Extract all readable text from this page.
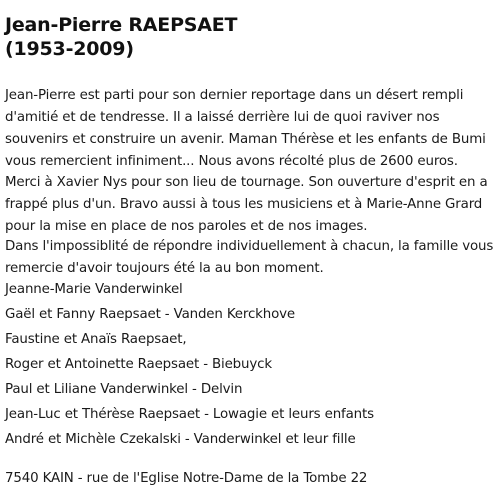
Jean-Pierre RAEPSAET
(1953-2009)

Jean-Pierre est parti pour son dernier reportage dans un désert rempli d'amitié et de tendresse. Il a laissé derrière lui de quoi raviver nos souvenirs et construire un avenir. Maman Thérèse et les enfants de Bumi vous remercient infiniment... Nous avons récolté plus de 2600 euros.

Merci à Xavier Nys pour son lieu de tournage. Son ouverture d'esprit en a frappé plus d'un. Bravo aussi à tous les musiciens et à Marie-Anne Grard pour la mise en place de nos paroles et de nos images.

Dans l'impossiblité de répondre individuellement à chacun, la famille vous remercie d'avoir toujours été la au bon moment.

Jeanne-Marie Vanderwinkel
Gaël et Fanny Raepsaet - Vanden Kerckhove
Faustine et Anaïs Raepsaet,
Roger et Antoinette Raepsaet - Biebuyck
Paul et Liliane Vanderwinkel - Delvin
Jean-Luc et Thérèse Raepsaet - Lowagie et leurs enfants
André et Michèle Czekalski - Vanderwinkel et leur fille
7540 KAIN - rue de l'Eglise Notre-Dame de la Tombe 22
